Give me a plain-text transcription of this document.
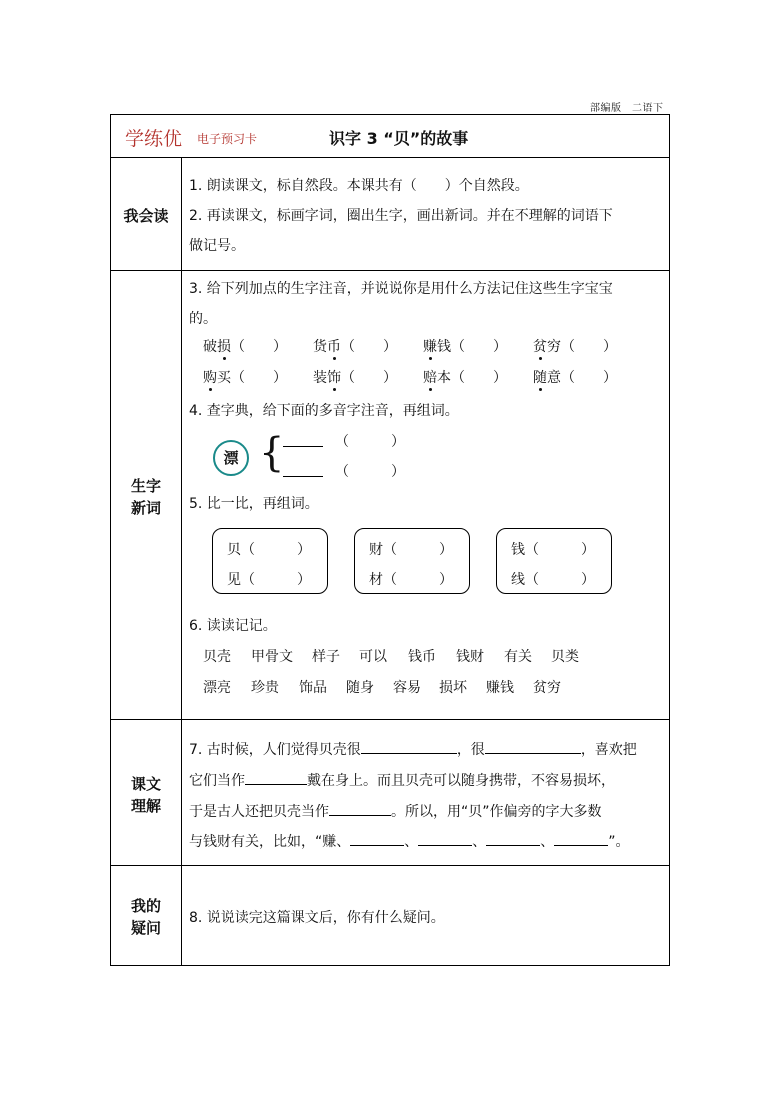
部编版　二语下
学练优 电子预习卡	识字 3 “贝”的故事
我会读
1. 朗读课文，标自然段。本课共有（　　）个自然段。
2. 再读课文，标画字词，圈出生字，画出新词。并在不理解的词语下
做记号。
生字
新词
3. 给下列加点的生字注音，并说说你是用什么方法记住这些生字宝宝
的。
破损（　　） 货币（　　） 赚钱（　　） 贫穷（　　）
购买（　　） 装饰（　　） 赔本（　　） 随意（　　）
4. 查字典，给下面的多音字注音，再组词。
漂 {	（　　　）
（　　　）
5. 比一比，再组词。
贝（　　　）
见（　　　）
财（　　　）
材（　　　）
钱（　　　）
线（　　　）
6. 读读记记。
贝壳 甲骨文 样子 可以 钱币 钱财 有关 贝类
漂亮 珍贵 饰品 随身 容易 损坏 赚钱 贫穷
课文
理解
7. 古时候，人们觉得贝壳很	，很	，喜欢把
它们当作	戴在身上。而且贝壳可以随身携带，不容易损坏，
于是古人还把贝壳当作	。所以，用“贝”作偏旁的字大多数
与钱财有关，比如，“赚、	、	、	、	”。
我的
疑问
8. 说说读完这篇课文后，你有什么疑问。
